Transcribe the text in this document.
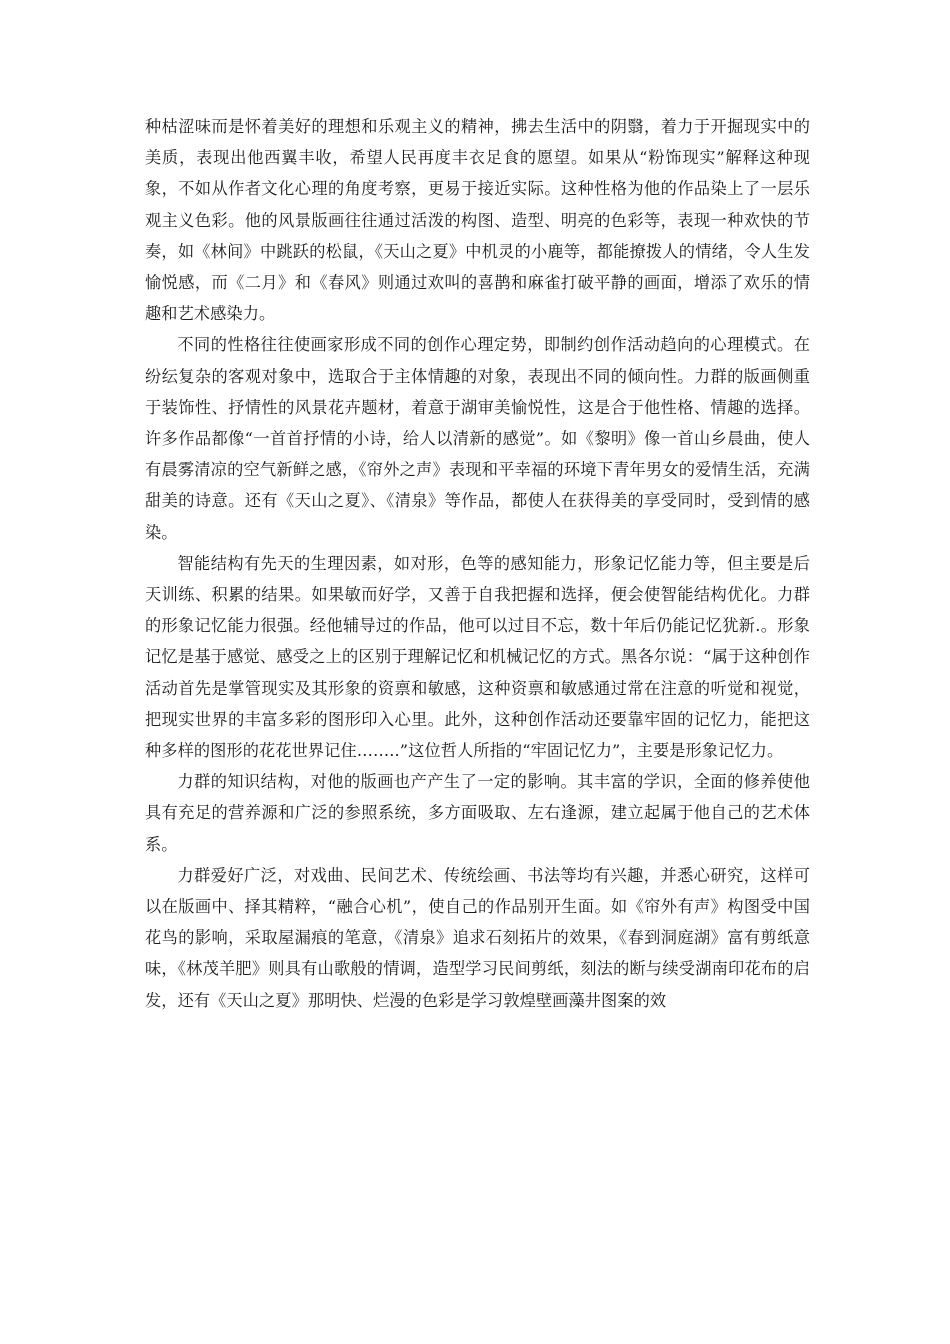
种枯涩味而是怀着美好的理想和乐观主义的精神，拂去生活中的阴翳，着力于开掘现实中的美质，表现出他西翼丰收，希望人民再度丰衣足食的愿望。如果从“粉饰现实”解释这种现象，不如从作者文化心理的角度考察，更易于接近实际。这种性格为他的作品染上了一层乐观主义色彩。他的风景版画往往通过活泼的构图、造型、明亮的色彩等，表现一种欢快的节奏，如《林间》中跳跃的松鼠，《天山之夏》中机灵的小鹿等，都能撩拨人的情绪，令人生发愉悦感，而《二月》和《春风》则通过欢叫的喜鹊和麻雀打破平静的画面，增添了欢乐的情趣和艺术感染力。

不同的性格往往使画家形成不同的创作心理定势，即制约创作活动趋向的心理模式。在纷纭复杂的客观对象中，选取合于主体情趣的对象，表现出不同的倾向性。力群的版画侧重于装饰性、抒情性的风景花卉题材，着意于湖审美愉悦性，这是合于他性格、情趣的选择。许多作品都像“一首首抒情的小诗，给人以清新的感觉”。如《黎明》像一首山乡晨曲，使人有晨雾清凉的空气新鲜之感，《帘外之声》表现和平幸福的环境下青年男女的爱情生活，充满甜美的诗意。还有《天山之夏》、《清泉》等作品，都使人在获得美的享受同时，受到情的感染。

智能结构有先天的生理因素，如对形，色等的感知能力，形象记忆能力等，但主要是后天训练、积累的结果。如果敏而好学，又善于自我把握和选择，便会使智能结构优化。力群的形象记忆能力很强。经他辅导过的作品，他可以过目不忘，数十年后仍能记忆犹新.。形象记忆是基于感觉、感受之上的区别于理解记忆和机械记忆的方式。黑各尔说：“属于这种创作活动首先是掌管现实及其形象的资禀和敏感，这种资禀和敏感通过常在注意的听觉和视觉，把现实世界的丰富多彩的图形印入心里。此外，这种创作活动还要靠牢固的记忆力，能把这种多样的图形的花花世界记住……..”这位哲人所指的“牢固记忆力”，主要是形象记忆力。

力群的知识结构，对他的版画也产产生了一定的影响。其丰富的学识，全面的修养使他具有充足的营养源和广泛的参照系统，多方面吸取、左右逢源，建立起属于他自己的艺术体系。

力群爱好广泛，对戏曲、民间艺术、传统绘画、书法等均有兴趣，并悉心研究，这样可以在版画中、择其精粹，“融合心机”，使自己的作品别开生面。如《帘外有声》构图受中国花鸟的影响，采取屋漏痕的笔意，《清泉》追求石刻拓片的效果，《春到洞庭湖》富有剪纸意味，《林茂羊肥》则具有山歌般的情调，造型学习民间剪纸，刻法的断与续受湖南印花布的启发，还有《天山之夏》那明快、烂漫的色彩是学习敦煌壁画藻井图案的效
